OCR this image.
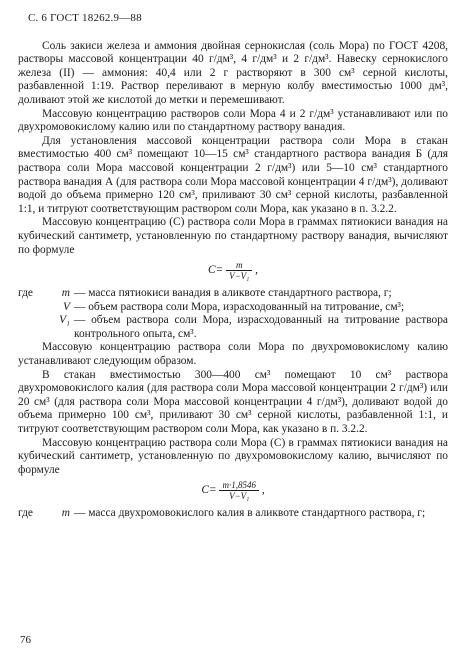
С. 6 ГОСТ 18262.9—88

Соль закиси железа и аммония двойная сернокислая (соль Мора) по ГОСТ 4208, растворы массовой концентрации 40 г/дм³, 4 г/дм³ и 2 г/дм³. Навеску сернокислого железа (II) — аммония: 40,4 или 2 г растворяют в 300 см³ серной кислоты, разбавленной 1:19. Раствор переливают в мерную колбу вместимостью 1000 дм³, доливают этой же кислотой до метки и перемешивают.

Массовую концентрацию растворов соли Мора 4 и 2 г/дм³ устанавливают или по двухромовокислому калию или по стандартному раствору ванадия.

Для установления массовой концентрации раствора соли Мора в стакан вместимостью 400 см³ помещают 10—15 см³ стандартного раствора ванадия Б (для раствора соли Мора массовой концентрации 2 г/дм³) или 5—10 см³ стандартного раствора ванадия А (для раствора соли Мора массовой концентрации 4 г/дм³), доливают водой до объема примерно 120 см³, приливают 30 см³ серной кислоты, разбавленной 1:1, и титруют соответствующим раствором соли Мора, как указано в п. 3.2.2.

Массовую концентрацию (C) раствора соли Мора в граммах пятиокиси ванадия на кубический сантиметр, установленную по стандартному раствору ванадия, вычисляют по формуле

$C= \frac{m}{\text{V−V₁}}$ ,
где	m — масса пятиокиси ванадия в аликвоте стандартного раствора, г;
V — объем раствора соли Мора, израсходованный на титрование, см³;
V₁ — объем раствора соли Мора, израсходованный на титрование раствора контрольного опыта, см³.

Массовую концентрацию раствора соли Мора по двухромовокислому калию устанавливают следующим образом.

В стакан вместимостью 300—400 см³ помещают 10 см³ раствора двухромовокислого калия (для раствора соли Мора массовой концентрации 2 г/дм³) или 20 см³ (для раствора соли Мора массовой концентрации 4 г/дм³), доливают водой до объема примерно 100 см³, приливают 30 см³ серной кислоты, разбавленной 1:1, и титруют соответствующим раствором соли Мора, как указано в п. 3.2.2.

Массовую концентрацию раствора соли Мора (C) в граммах пятиокиси ванадия на кубический сантиметр, установленную по двухромовокислому калию, вычисляют по формуле

$C= \frac{m\cdot 1,8546}{\text{V−V₁}}$ ,
где	m — масса двухромовокислого калия в аликвоте стандартного раствора, г;
76
